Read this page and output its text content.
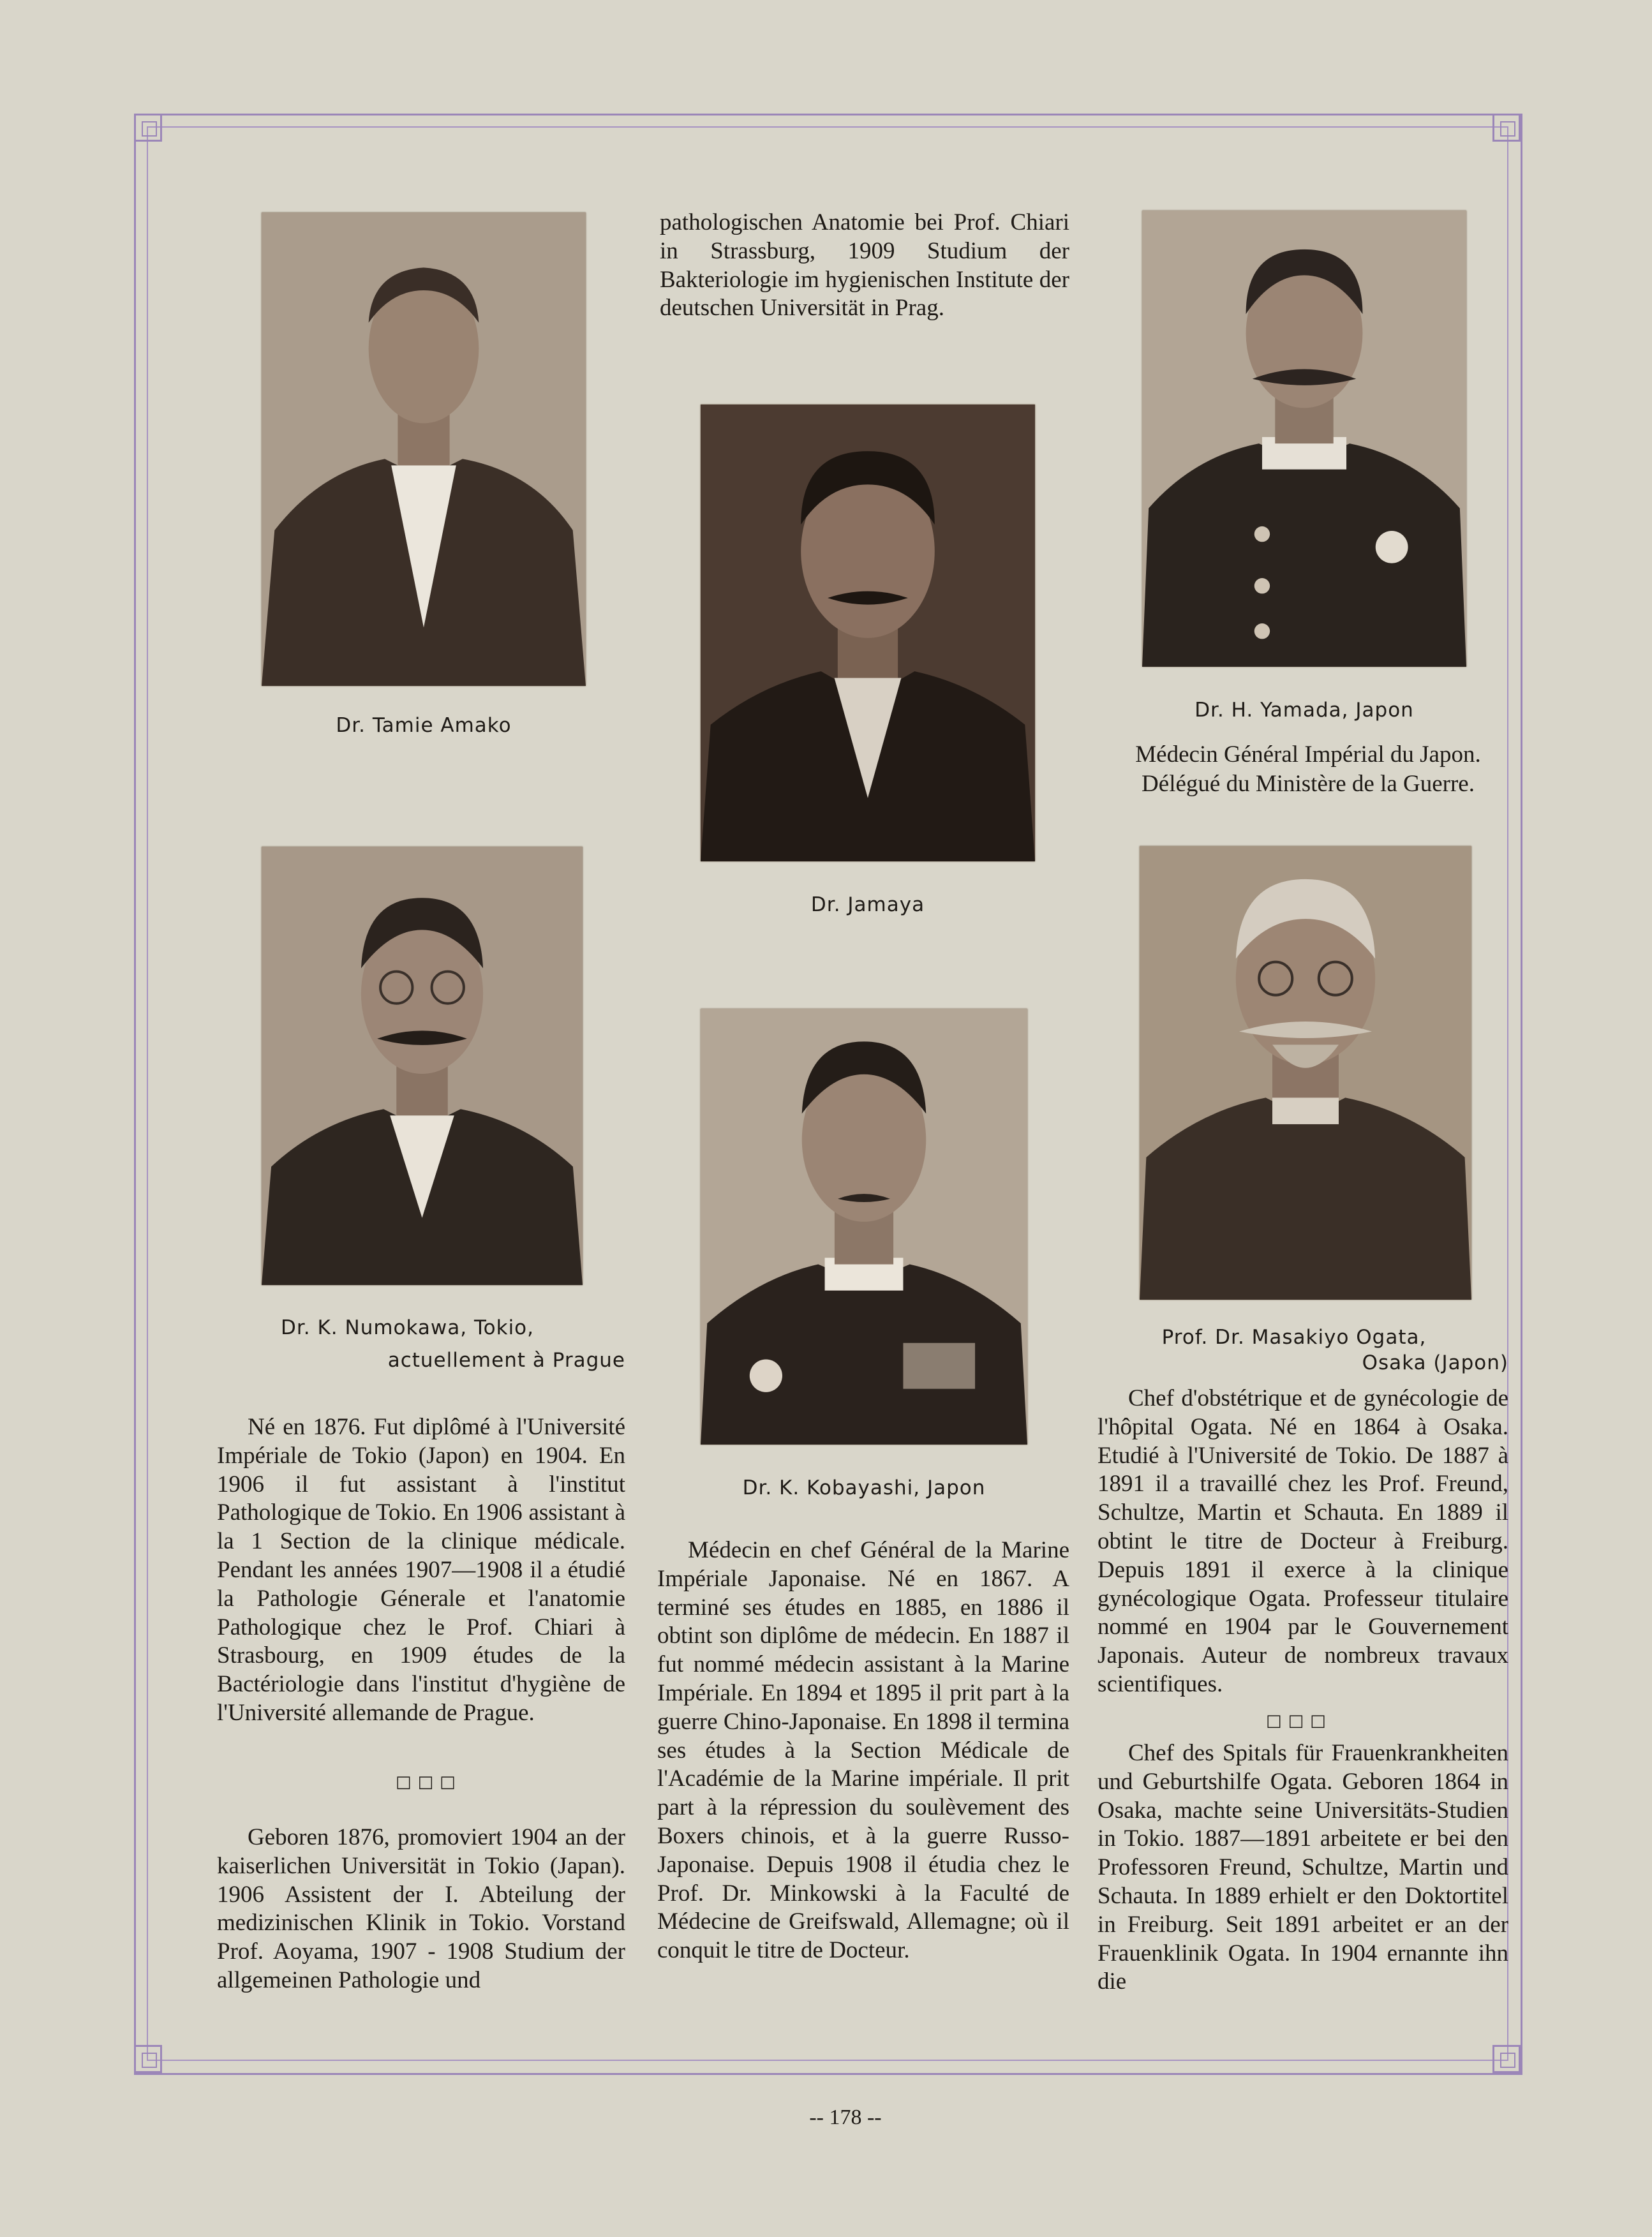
Dr. Tamie Amako
Dr. Jamaya
Dr. H. Yamada, Japon
Dr. K. Numokawa, Tokio,
actuellement à Prague
Dr. K. Kobayashi, Japon
Prof. Dr. Masakiyo Ogata,
Osaka (Japon)
Médecin Général Impérial du Japon.
Délégué du Ministère de la Guerre.

pathologischen Anatomie bei Prof. Chiari in Strassburg, 1909 Studium der Bakteriologie im hygienischen Institute der deutschen Universität in Prag.

Né en 1876. Fut diplômé à l'Université Impériale de Tokio (Japon) en 1904. En 1906 il fut assistant à l'institut Pathologique de Tokio. En 1906 assistant à la 1 Section de la clinique médicale. Pendant les années 1907—1908 il a étudié la Pathologie Génerale et l'anatomie Pathologique chez le Prof. Chiari à Strasbourg, en 1909 études de la Bactériologie dans l'institut d'hygiène de l'Université allemande de Prague.

□□□

Geboren 1876, promoviert 1904 an der kaiserlichen Universität in Tokio (Japan). 1906 Assistent der I. Abteilung der medizinischen Klinik in Tokio. Vorstand Prof. Aoyama, 1907 - 1908 Studium der allgemeinen Pathologie und

Médecin en chef Général de la Marine Impériale Japonaise. Né en 1867. A terminé ses études en 1885, en 1886 il obtint son diplôme de médecin. En 1887 il fut nommé médecin assistant à la Marine Impériale. En 1894 et 1895 il prit part à la guerre Chino-Japonaise. En 1898 il termina ses études à la Section Médicale de l'Académie de la Marine impériale. Il prit part à la répression du soulèvement des Boxers chinois, et à la guerre Russo-Japonaise. Depuis 1908 il étudia chez le Prof. Dr. Minkowski à la Faculté de Médecine de Greifswald, Allemagne; où il conquit le titre de Docteur.

Chef d'obstétrique et de gynécologie de l'hôpital Ogata. Né en 1864 à Osaka. Etudié à l'Université de Tokio. De 1887 à 1891 il a travaillé chez les Prof. Freund, Schultze, Martin et Schauta. En 1889 il obtint le titre de Docteur à Freiburg. Depuis 1891 il exerce à la clinique gynécologique Ogata. Professeur titulaire nommé en 1904 par le Gouvernement Japonais. Auteur de nombreux travaux scientifiques.

□□□

Chef des Spitals für Frauenkrankheiten und Geburtshilfe Ogata. Geboren 1864 in Osaka, machte seine Universitäts-Studien in Tokio. 1887—1891 arbeitete er bei den Professoren Freund, Schultze, Martin und Schauta. In 1889 erhielt er den Doktortitel in Freiburg. Seit 1891 arbeitet er an der Frauenklinik Ogata. In 1904 ernannte ihn die

-- 178 --
